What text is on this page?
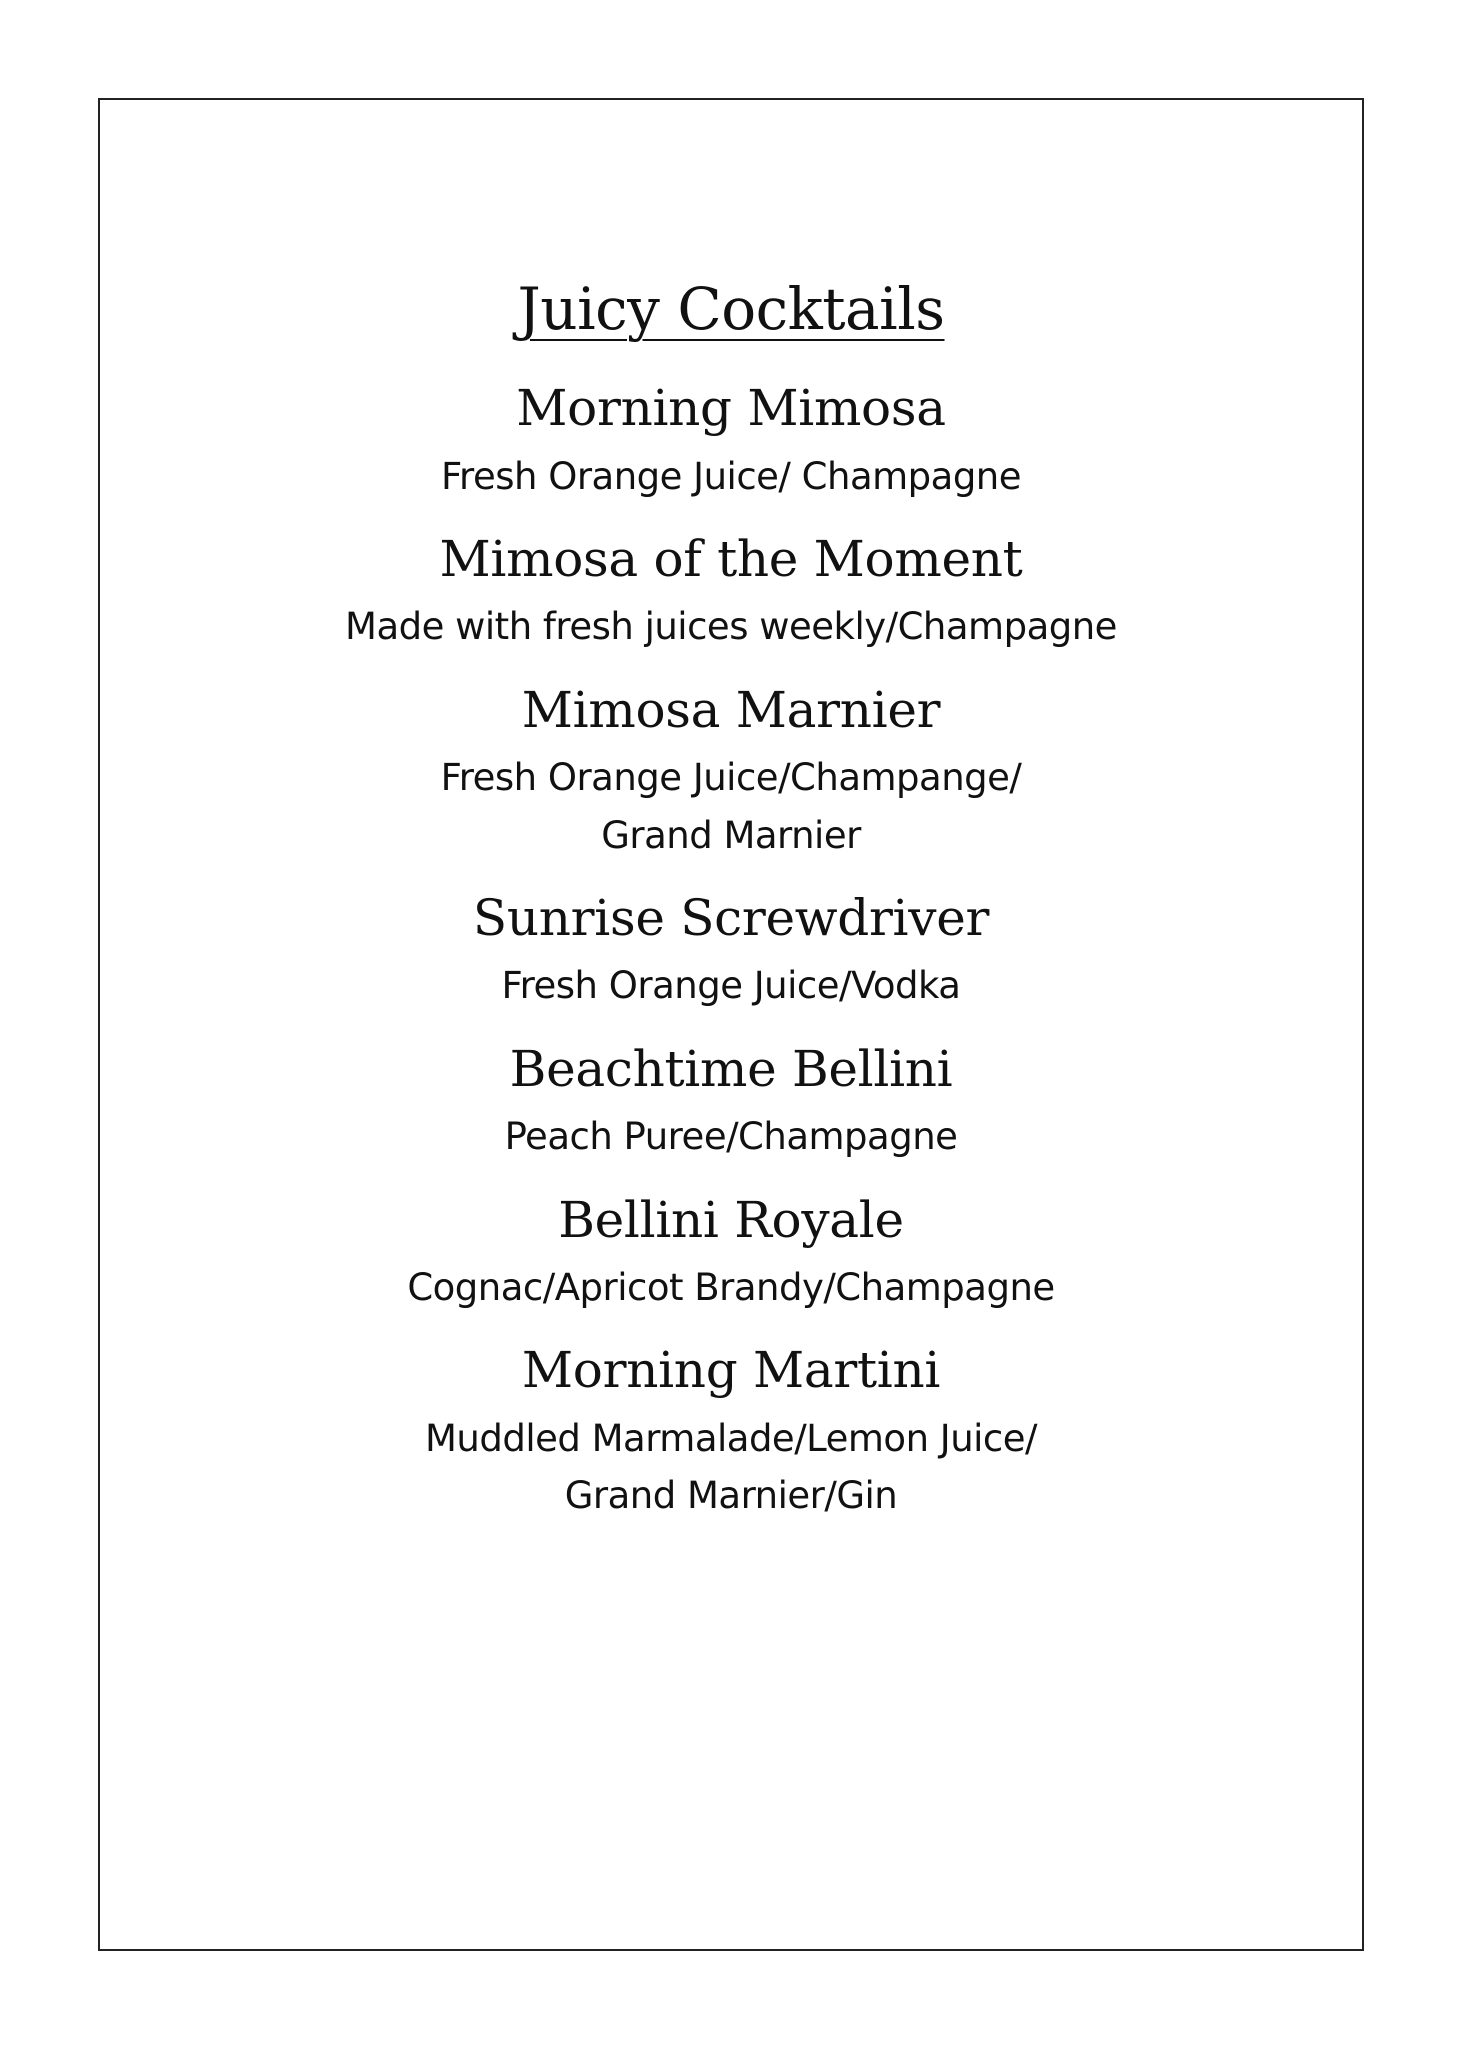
Juicy Cocktails
Morning Mimosa

Fresh Orange Juice/ Champagne

Mimosa of the Moment

Made with fresh juices weekly/Champagne

Mimosa Marnier

Fresh Orange Juice/Champange/
Grand Marnier

Sunrise Screwdriver

Fresh Orange Juice/Vodka

Beachtime Bellini

Peach Puree/Champagne

Bellini Royale

Cognac/Apricot Brandy/Champagne

Morning Martini

Muddled Marmalade/Lemon Juice/
Grand Marnier/Gin
